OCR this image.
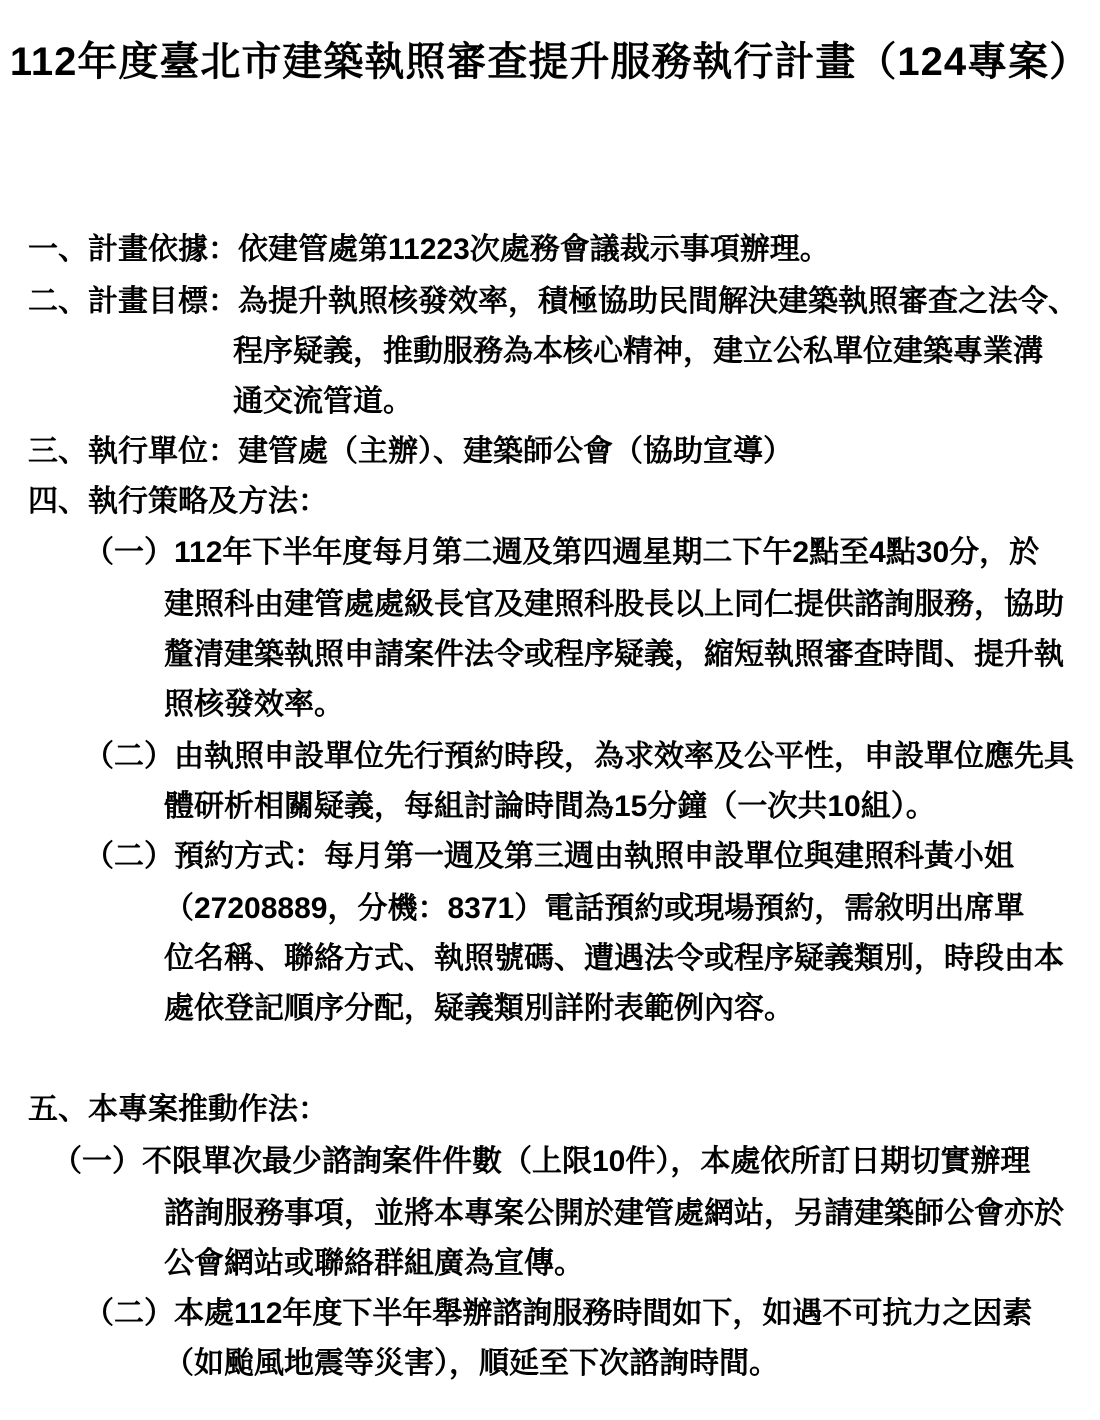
112年度臺北市建築執照審查提升服務執行計畫（124專案）
一、計畫依據：依建管處第11223次處務會議裁示事項辦理。
二、計畫目標：為提升執照核發效率，積極協助民間解決建築執照審查之法令、
程序疑義，推動服務為本核心精神，建立公私單位建築專業溝
通交流管道。
三、執行單位：建管處（主辦）、建築師公會（協助宣導）
四、執行策略及方法：
（一）112年下半年度每月第二週及第四週星期二下午2點至4點30分，於
建照科由建管處處級長官及建照科股長以上同仁提供諮詢服務，協助
釐清建築執照申請案件法令或程序疑義，縮短執照審查時間、提升執
照核發效率。
（二）由執照申設單位先行預約時段，為求效率及公平性，申設單位應先具
體研析相關疑義，每組討論時間為15分鐘（一次共10組）。
（二）預約方式：每月第一週及第三週由執照申設單位與建照科黃小姐
（27208889，分機：8371）電話預約或現場預約，需敘明出席單
位名稱、聯絡方式、執照號碼、遭遇法令或程序疑義類別，時段由本
處依登記順序分配，疑義類別詳附表範例內容。
五、本專案推動作法：
（一）不限單次最少諮詢案件件數（上限10件），本處依所訂日期切實辦理
諮詢服務事項，並將本專案公開於建管處網站，另請建築師公會亦於
公會網站或聯絡群組廣為宣傳。
（二）本處112年度下半年舉辦諮詢服務時間如下，如遇不可抗力之因素
（如颱風地震等災害），順延至下次諮詢時間。
